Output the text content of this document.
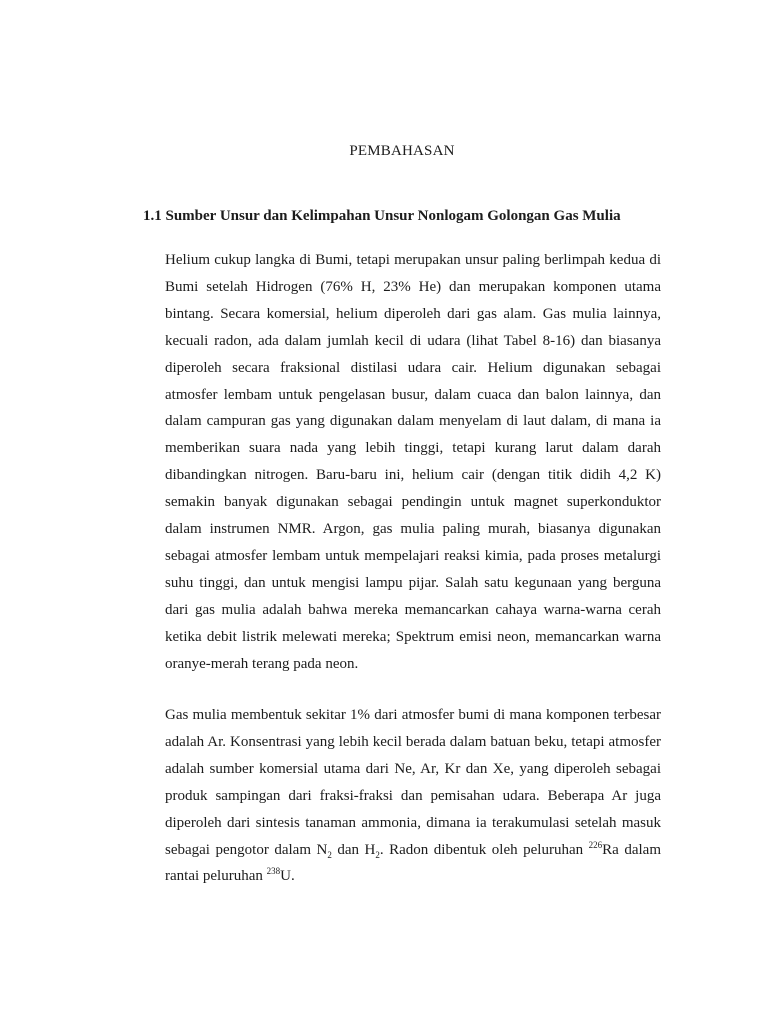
PEMBAHASAN
1.1 Sumber Unsur dan Kelimpahan Unsur Nonlogam Golongan Gas Mulia

Helium cukup langka di Bumi, tetapi merupakan unsur paling berlimpah kedua di Bumi setelah Hidrogen (76% H, 23% He) dan merupakan komponen utama bintang. Secara komersial, helium diperoleh dari gas alam. Gas mulia lainnya, kecuali radon, ada dalam jumlah kecil di udara (lihat Tabel 8-16) dan biasanya diperoleh secara fraksional distilasi udara cair. Helium digunakan sebagai atmosfer lembam untuk pengelasan busur, dalam cuaca dan balon lainnya, dan dalam campuran gas yang digunakan dalam menyelam di laut dalam, di mana ia memberikan suara nada yang lebih tinggi, tetapi kurang larut dalam darah dibandingkan nitrogen. Baru-baru ini, helium cair (dengan titik didih 4,2 K) semakin banyak digunakan sebagai pendingin untuk magnet superkonduktor dalam instrumen NMR. Argon, gas mulia paling murah, biasanya digunakan sebagai atmosfer lembam untuk mempelajari reaksi kimia, pada proses metalurgi suhu tinggi, dan untuk mengisi lampu pijar. Salah satu kegunaan yang berguna dari gas mulia adalah bahwa mereka memancarkan cahaya warna-warna cerah ketika debit listrik melewati mereka; Spektrum emisi neon, memancarkan warna oranye-merah terang pada neon.

Gas mulia membentuk sekitar 1% dari atmosfer bumi di mana komponen terbesar adalah Ar. Konsentrasi yang lebih kecil berada dalam batuan beku, tetapi atmosfer adalah sumber komersial utama dari Ne, Ar, Kr dan Xe, yang diperoleh sebagai produk sampingan dari fraksi-fraksi dan pemisahan udara. Beberapa Ar juga diperoleh dari sintesis tanaman ammonia, dimana ia terakumulasi setelah masuk sebagai pengotor dalam $N_2$ dan $H_2$. Radon dibentuk oleh peluruhan $^{226}$Ra dalam rantai peluruhan $^{238}$U.
